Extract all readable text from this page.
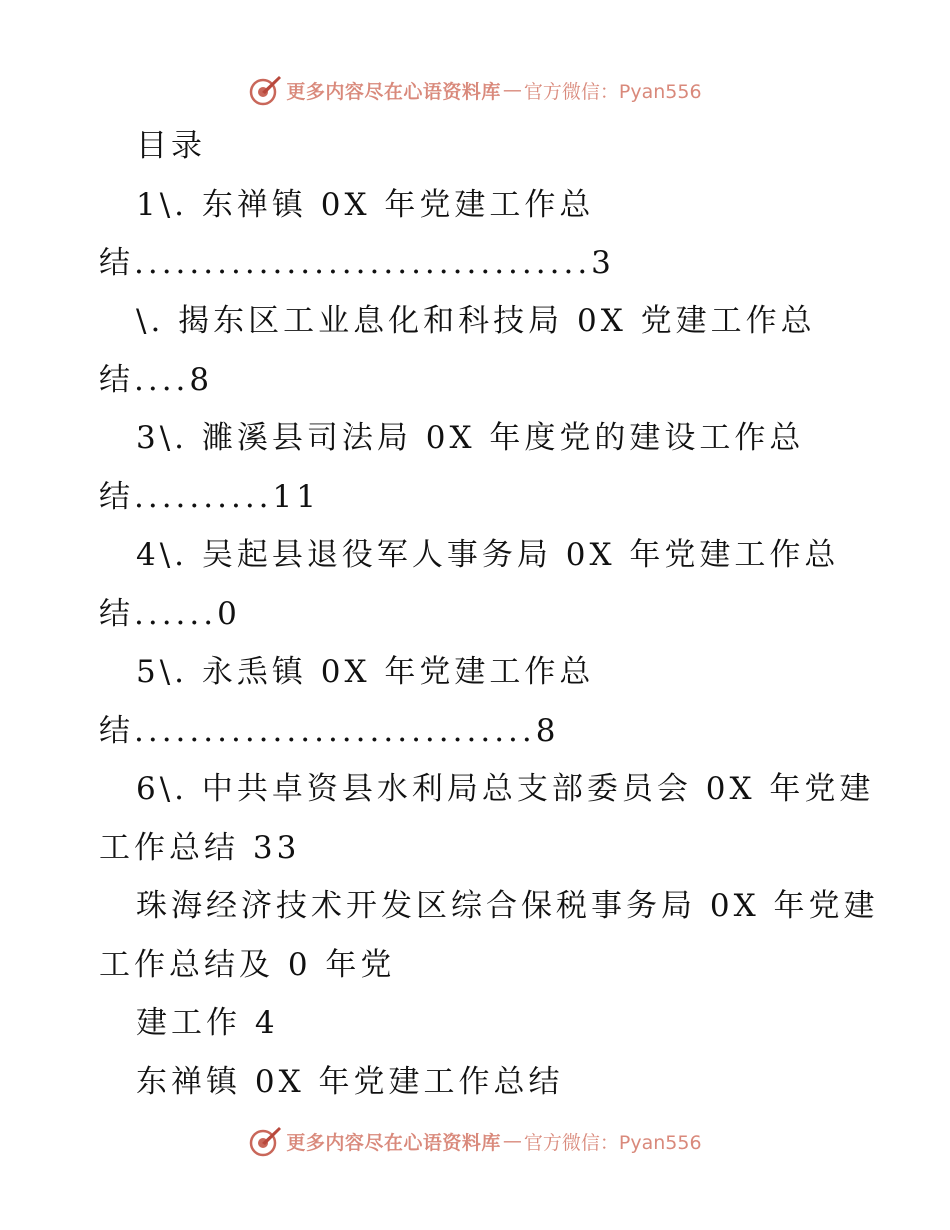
更多内容尽在心语资料库 — 官方微信：Pyan556
目录
1\. 东禅镇 0X 年党建工作总
结.................................3
\. 揭东区工业息化和科技局 0X 党建工作总
结....8
3\. 濉溪县司法局 0X 年度党的建设工作总
结..........11
4\. 吴起县退役军人事务局 0X 年党建工作总
结......0
5\. 永𤆬镇 0X 年党建工作总
结.............................8
6\. 中共卓资县水利局总支部委员会 0X 年党建
工作总结 33
珠海经济技术开发区综合保税事务局 0X 年党建
工作总结及 0 年党
建工作 4
东禅镇 0X 年党建工作总结
更多内容尽在心语资料库 — 官方微信：Pyan556
